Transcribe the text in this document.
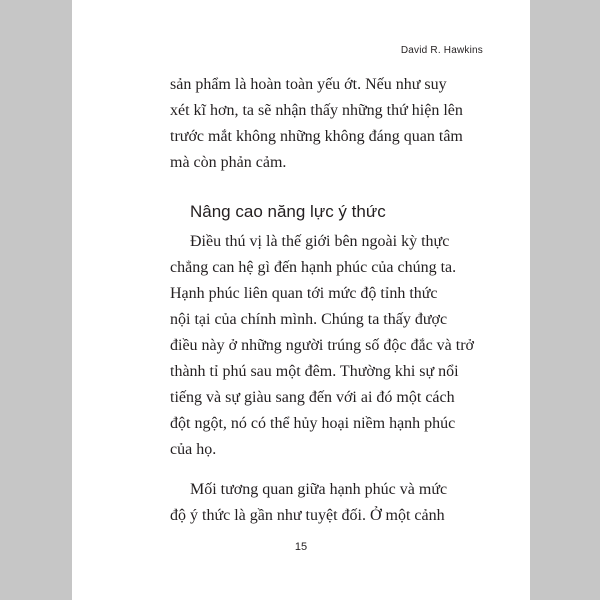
David R. Hawkins

sản phẩm là hoàn toàn yếu ớt. Nếu như suy

xét kĩ hơn, ta sẽ nhận thấy những thứ hiện lên

trước mắt không những không đáng quan tâm

mà còn phản cảm.

Nâng cao năng lực ý thức

Điều thú vị là thế giới bên ngoài kỳ thực

chẳng can hệ gì đến hạnh phúc của chúng ta.

Hạnh phúc liên quan tới mức độ tỉnh thức

nội tại của chính mình. Chúng ta thấy được

điều này ở những người trúng số độc đắc và trở

thành tỉ phú sau một đêm. Thường khi sự nổi

tiếng và sự giàu sang đến với ai đó một cách

đột ngột, nó có thể hủy hoại niềm hạnh phúc

của họ.

Mối tương quan giữa hạnh phúc và mức

độ ý thức là gần như tuyệt đối. Ở một cảnh

15
